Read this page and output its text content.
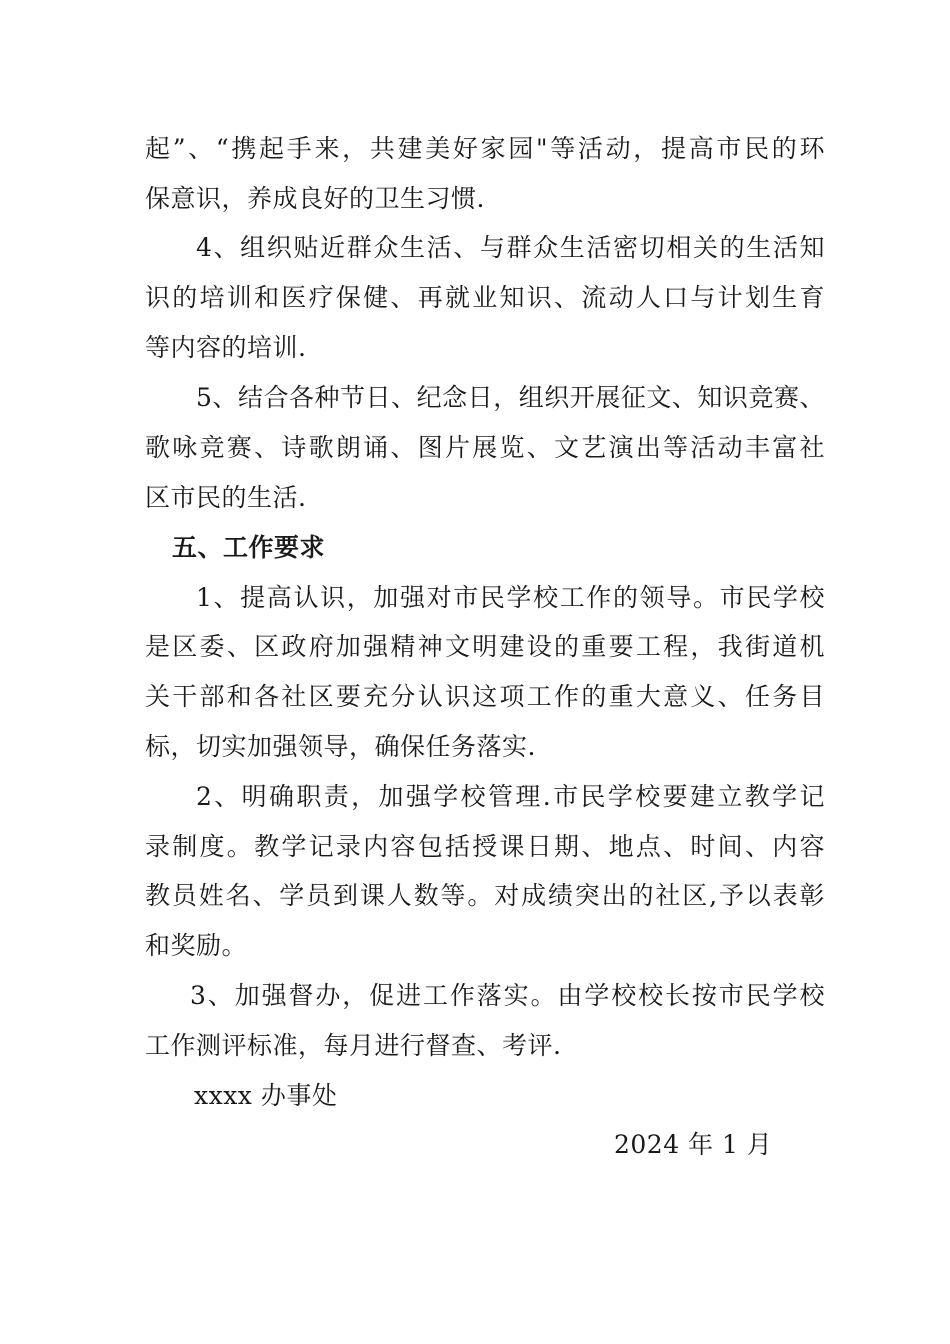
起”、“携起手来，共建美好家园"等活动，提高市民的环
保意识，养成良好的卫生习惯.
4、组织贴近群众生活、与群众生活密切相关的生活知
识的培训和医疗保健、再就业知识、流动人口与计划生育
等内容的培训.
5、结合各种节日、纪念日，组织开展征文、知识竞赛、
歌咏竞赛、诗歌朗诵、图片展览、文艺演出等活动丰富社
区市民的生活.
五、工作要求
1、提高认识，加强对市民学校工作的领导。市民学校
是区委、区政府加强精神文明建设的重要工程，我街道机
关干部和各社区要充分认识这项工作的重大意义、任务目
标，切实加强领导，确保任务落实.
2、明确职责，加强学校管理.市民学校要建立教学记
录制度。教学记录内容包括授课日期、地点、时间、内容
教员姓名、学员到课人数等。对成绩突出的社区,予以表彰
和奖励。
3、加强督办，促进工作落实。由学校校长按市民学校
工作测评标准，每月进行督查、考评.
xxxx 办事处
2024 年 1 月
